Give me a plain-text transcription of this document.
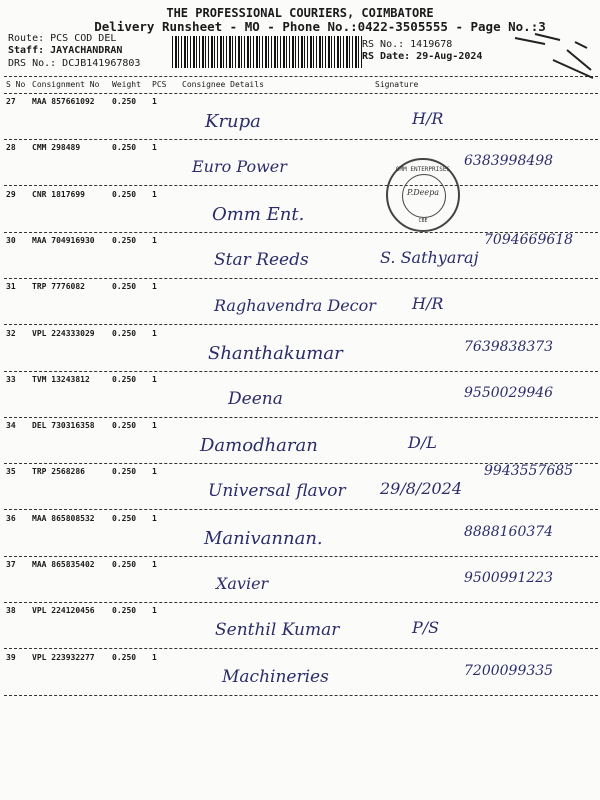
THE PROFESSIONAL COURIERS, COIMBATORE
Delivery Runsheet - MO - Phone No.:0422-3505555 - Page No.:3
Route: PCS COD DEL
Staff: JAYACHANDRAN
DRS No.: DCJB141967803
RS No.: 1419678
RS Date: 29-Aug-2024
S No Consignment No Weight PCS Consignee Details	Signature
27 MAA 857661092 0.250 1
Krupa	H/R
28 CMM 298489	0.250 1
Euro Power	6383998498
29 CNR 1817699	0.250 1
Omm Ent.
30 MAA 704916930 0.250 1
Star Reeds	S. Sathyaraj
7094669618
31 TRP 7776082	0.250 1
Raghavendra Decor H/R
32 VPL 224333029 0.250 1
Shanthakumar	7639838373
33 TVM 13243812	0.250 1
Deena	9550029946
34 DEL 730316358 0.250 1
Damodharan	D/L
35 TRP 2568286	0.250 1
Universal flavor 29/8/2024
9943557685
36 MAA 865808532 0.250 1
Manivannan.	8888160374
37 MAA 865835402 0.250 1
Xavier	9500991223
38 VPL 224120456 0.250 1
Senthil Kumar	P/S
39 VPL 223932277 0.250 1
Machineries	7200099335
OMM ENTERPRISES
P.Deepa
CBE
